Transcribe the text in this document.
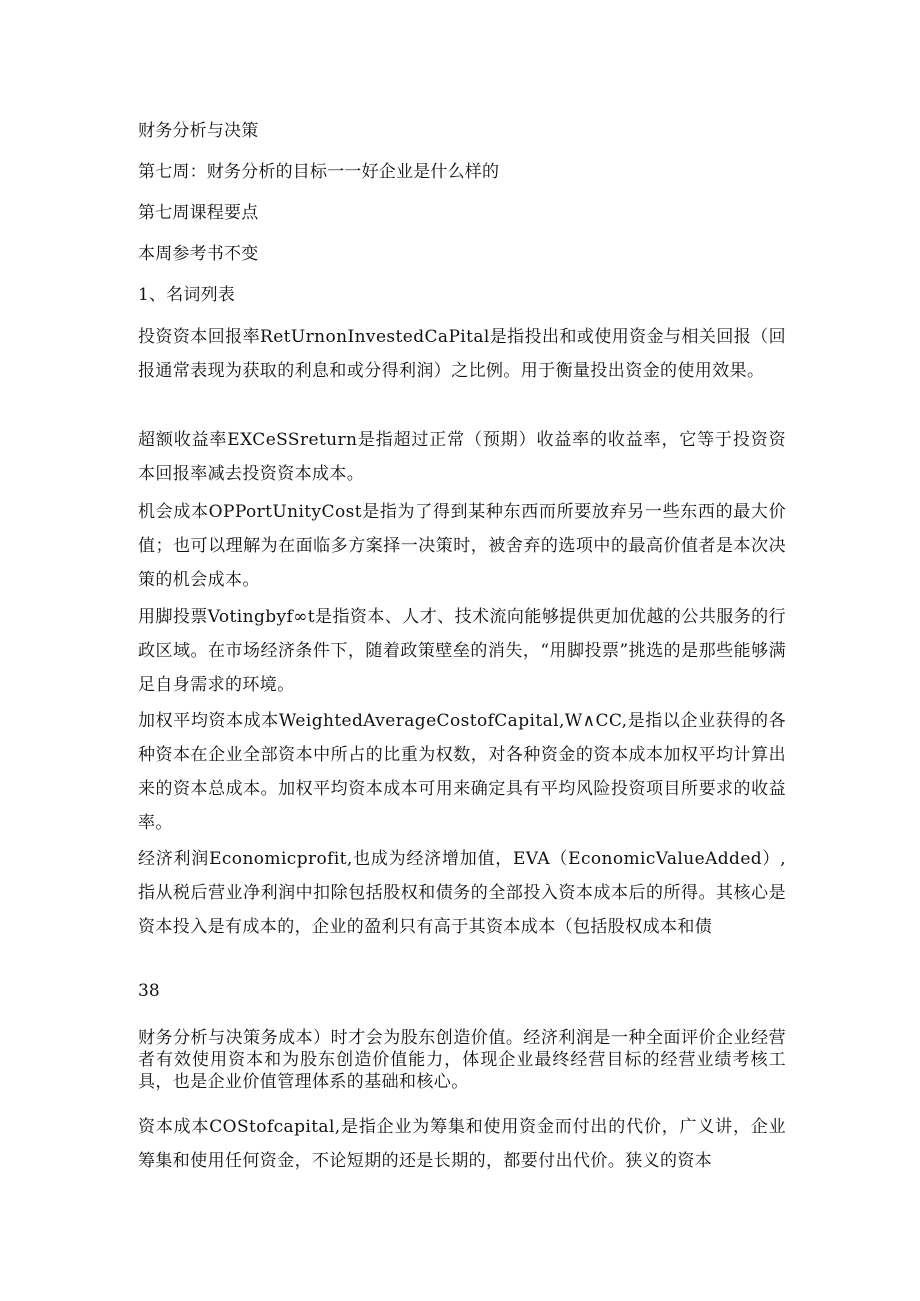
财务分析与决策
第七周：财务分析的目标一一好企业是什么样的
第七周课程要点
本周参考书不变
1、名词列表
投资资本回报率RetUrnonInvestedCaPital是指投出和或使用资金与相关回报（回报通常表现为获取的利息和或分得利润）之比例。用于衡量投出资金的使用效果。
超额收益率EXCeSSreturn是指超过正常（预期）收益率的收益率，它等于投资资本回报率减去投资资本成本。
机会成本OPPortUnityCost是指为了得到某种东西而所要放弃另一些东西的最大价值；也可以理解为在面临多方案择一决策时，被舍弃的选项中的最高价值者是本次决策的机会成本。
用脚投票Votingbyf∞t是指资本、人才、技术流向能够提供更加优越的公共服务的行政区域。在市场经济条件下，随着政策壁垒的消失，“用脚投票”挑选的是那些能够满足自身需求的环境。
加权平均资本成本WeightedAverageCostofCapital,W∧CC,是指以企业获得的各种资本在企业全部资本中所占的比重为权数，对各种资金的资本成本加权平均计算出来的资本总成本。加权平均资本成本可用来确定具有平均风险投资项目所要求的收益率。
经济利润Economicprofit,也成为经济增加值，EVA（EconomicValueAdded）,指从税后营业净利润中扣除包括股权和债务的全部投入资本成本后的所得。其核心是资本投入是有成本的，企业的盈利只有高于其资本成本（包括股权成本和债
38
财务分析与决策务成本）时才会为股东创造价值。经济利润是一种全面评价企业经营者有效使用资本和为股东创造价值能力，体现企业最终经营目标的经营业绩考核工具，也是企业价值管理体系的基础和核心。
资本成本COStofcapital,是指企业为筹集和使用资金而付出的代价，广义讲，企业筹集和使用任何资金，不论短期的还是长期的，都要付出代价。狭义的资本
